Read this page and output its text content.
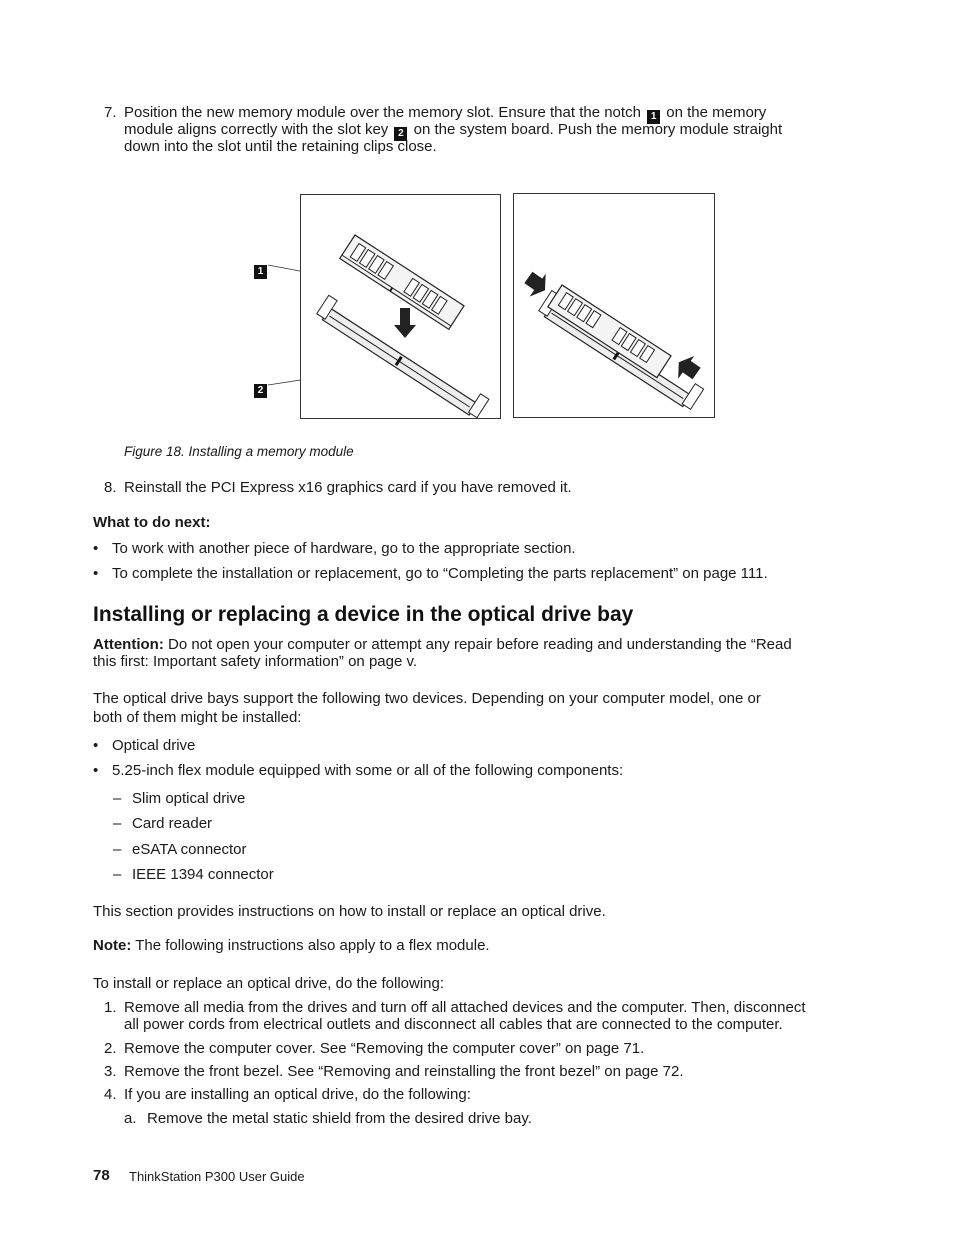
7. Position the new memory module over the memory slot. Ensure that the notch 1 on the memory
module aligns correctly with the slot key 2 on the system board. Push the memory module straight
down into the slot until the retaining clips close.
1
2
Figure 18. Installing a memory module
8. Reinstall the PCI Express x16 graphics card if you have removed it.
What to do next:
• To work with another piece of hardware, go to the appropriate section.
• To complete the installation or replacement, go to “Completing the parts replacement” on page 111.
Installing or replacing a device in the optical drive bay
Attention: Do not open your computer or attempt any repair before reading and understanding the “Read
this first: Important safety information” on page v.
The optical drive bays support the following two devices. Depending on your computer model, one or
both of them might be installed:
• Optical drive
• 5.25-inch flex module equipped with some or all of the following components:
– Slim optical drive
– Card reader
– eSATA connector
– IEEE 1394 connector
This section provides instructions on how to install or replace an optical drive.
Note: The following instructions also apply to a flex module.
To install or replace an optical drive, do the following:
1. Remove all media from the drives and turn off all attached devices and the computer. Then, disconnect
all power cords from electrical outlets and disconnect all cables that are connected to the computer.
2. Remove the computer cover. See “Removing the computer cover” on page 71.
3. Remove the front bezel. See “Removing and reinstalling the front bezel” on page 72.
4. If you are installing an optical drive, do the following:
a. Remove the metal static shield from the desired drive bay.
78 ThinkStation P300 User Guide
